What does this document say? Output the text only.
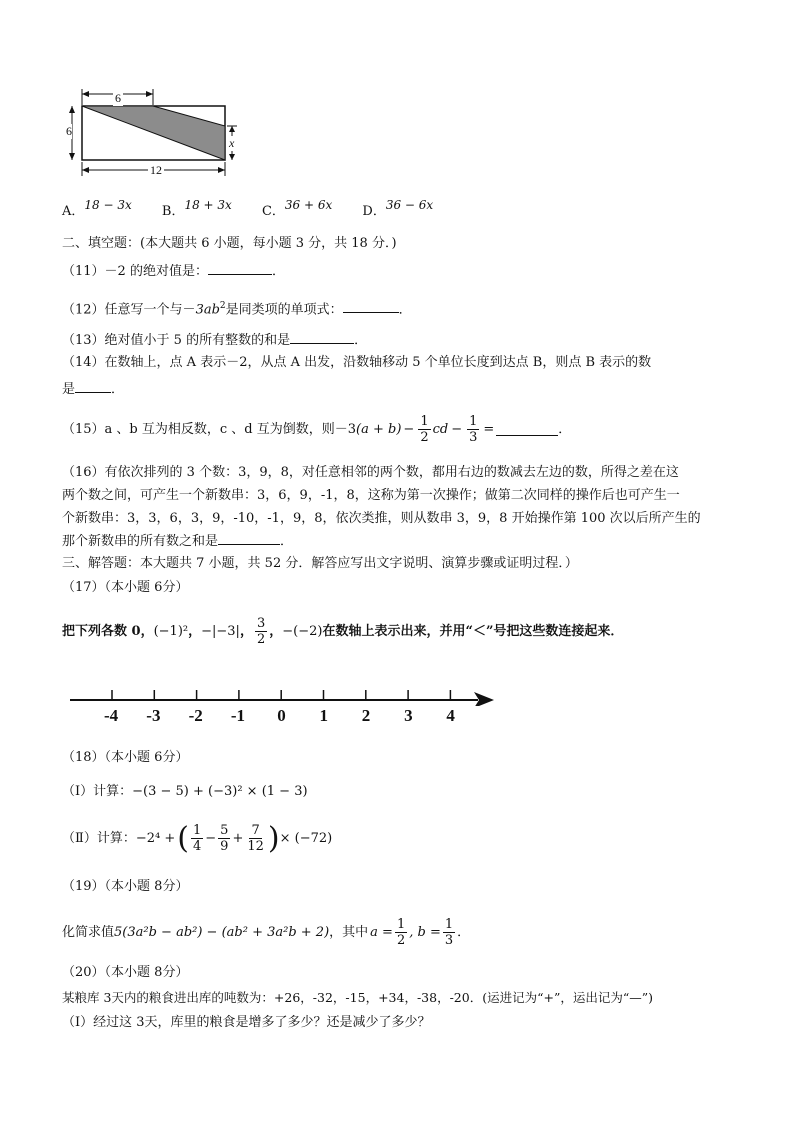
6
6
x
12
A．18 − 3x B．18 + 3x C．36 + 6x D．36 − 6x
二、填空题：(本大题共 6 小题，每小题 3 分，共 18 分．)
（11）－2 的绝对值是：	．
（12）任意写一个与$-3ab^2$是同类项的单项式：	．
（13）绝对值小于 5 的所有整数的和是	．
（14）在数轴上，点 A 表示－2，从点 A 出发，沿数轴移动 5 个单位长度到达点 B，则点 B 表示的数
是	．
（15） a 、b 互为相反数，c 、d 互为倒数，则－3 $(a + b) - \frac{1}{2}$ cd − $\frac{1}{3}$ =	．
（16）有依次排列的 3 个数：3，9，8，对任意相邻的两个数，都用右边的数减去左边的数，所得之差在这
两个数之间，可产生一个新数串：3，6，9，-1，8，这称为第一次操作；做第二次同样的操作后也可产生一
个新数串：3，3，6，3，9，-10，-1，9，8，依次类推，则从数串 3，9，8 开始操作第 100 次以后所产生的
那个新数串的所有数之和是	．
三、解答题：本大题共 7 小题，共 52 分．解答应写出文字说明、演算步骤或证明过程．）
（17）（本小题 6分）
把下列各数 0， (−1)² ， −|−3| ， $\frac{3}{2}$ ， −(−2) 在数轴上表示出来，并用“＜”号把这些数连接起来．
-4 -3 -2 -1 0 1 2 3 4
（18）（本小题 6分）
（Ⅰ）计算：−(3 − 5) + (−3)² × (1 − 3)
（Ⅱ）计算： −2⁴ + ( $\frac{1}{4} - \frac{5}{9} + \frac{7}{12}$ ) × (−72)
（19）（本小题 8分）
化简求值 5(3a²b − ab²) − (ab² + 3a²b + 2) ，其中 $a = \frac{1}{2}$ , $b = \frac{1}{3}$ ．
（20）（本小题 8分）
某粮库 3天内的粮食进出库的吨数为：+26，-32，-15，+34，-38，-20．(运进记为“+”，运出记为“—”)
（Ⅰ）经过这 3天，库里的粮食是增多了多少？还是减少了多少？
